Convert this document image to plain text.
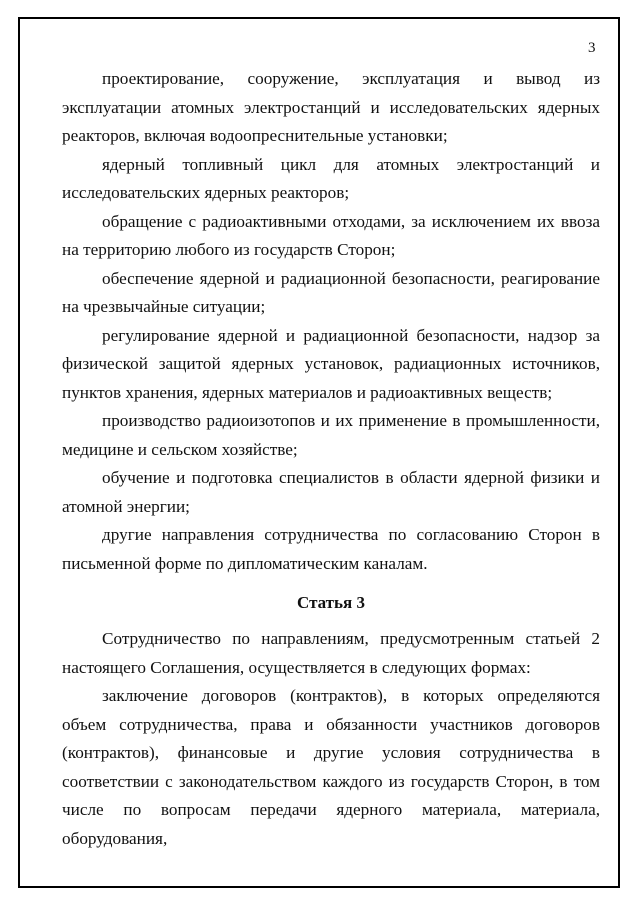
3

проектирование, сооружение, эксплуатация и вывод из эксплуатации атомных электростанций и исследовательских ядерных реакторов, включая водоопреснительные установки;

ядерный топливный цикл для атомных электростанций и исследовательских ядерных реакторов;

обращение с радиоактивными отходами, за исключением их ввоза на территорию любого из государств Сторон;

обеспечение ядерной и радиационной безопасности, реагирование на чрезвычайные ситуации;

регулирование ядерной и радиационной безопасности, надзор за физической защитой ядерных установок, радиационных источников, пунктов хранения, ядерных материалов и радиоактивных веществ;

производство радиоизотопов и их применение в промышленности, медицине и сельском хозяйстве;

обучение и подготовка специалистов в области ядерной физики и атомной энергии;

другие направления сотрудничества по согласованию Сторон в письменной форме по дипломатическим каналам.

Статья 3

Сотрудничество по направлениям, предусмотренным статьей 2 настоящего Соглашения, осуществляется в следующих формах:

заключение договоров (контрактов), в которых определяются объем сотрудничества, права и обязанности участников договоров (контрактов), финансовые и другие условия сотрудничества в соответствии с законодательством каждого из государств Сторон, в том числе по вопросам передачи ядерного материала, материала, оборудования,
